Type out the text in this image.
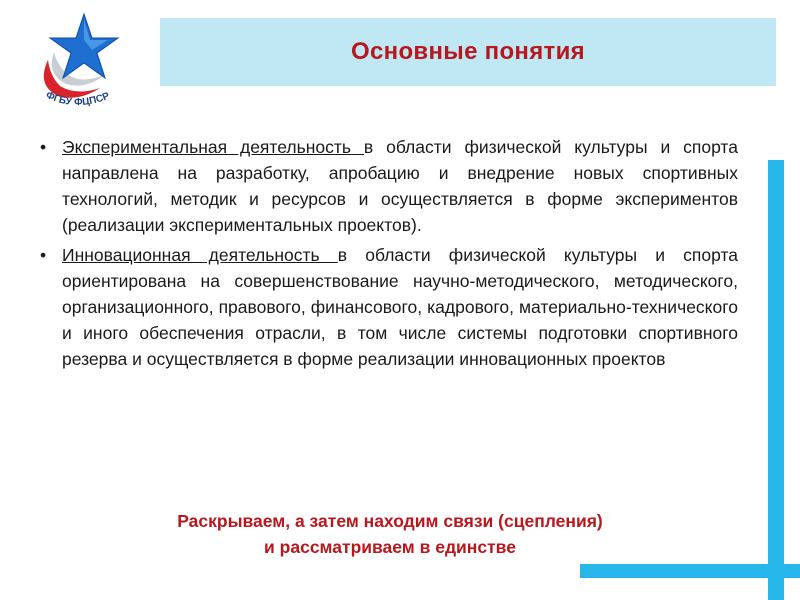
ФГБУ ФЦПСР
Основные понятия
• Экспериментальная деятельность в области физической культуры и спорта направлена на разработку, апробацию и внедрение новых спортивных технологий, методик и ресурсов и осуществляется в форме экспериментов (реализации экспериментальных проектов).
• Инновационная деятельность в области физической культуры и спорта ориентирована на совершенствование научно-методического, методического, организационного, правового, финансового, кадрового, материально-технического и иного обеспечения отрасли, в том числе системы подготовки спортивного резерва и осуществляется в форме реализации инновационных проектов
Раскрываем, а затем находим связи (сцепления)
и рассматриваем в единстве
